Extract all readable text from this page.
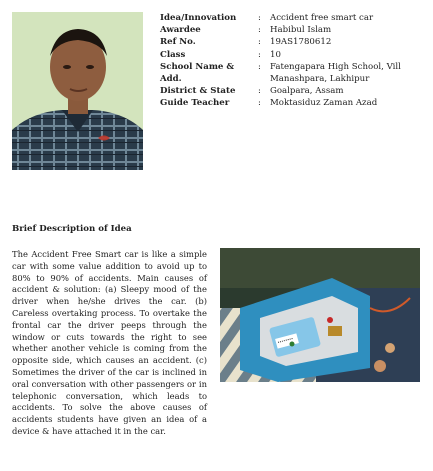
Idea/Innovation	:	Accident free smart car
Awardee	:	Habibul Islam
Ref No.	:	19AS1780612
Class	:	10
School Name & Add.
:	Fatengapara High School, Vill Manashpara, Lakhipur
District & State	:	Goalpara, Assam
Guide Teacher	:	Moktasiduz Zaman Azad
Brief Description of Idea

The Accident Free Smart car is like a simple car with some value addition to avoid up to 80% to 90% of accidents. Main causes of accident & solution: (a) Sleepy mood of the driver when he/she drives the car. (b) Careless overtaking process. To overtake the frontal car the driver peeps through the window or cuts towards the right to see whether another vehicle is coming from the opposite side, which causes an accident. (c) Sometimes the driver of the car is inclined in oral conversation with other passengers or in telephonic conversation, which leads to accidents. To solve the above causes of accidents students have given an idea of a device & have attached it in the car.
